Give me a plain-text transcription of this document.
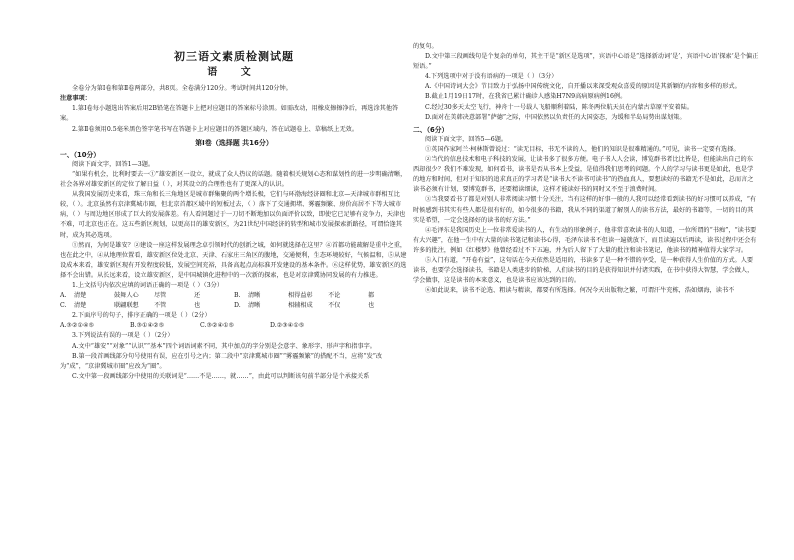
初三语文素质检测试题
语 文

全卷分为第Ⅰ卷和第Ⅱ卷两部分，共8页。全卷满分120分。考试时间共120分钟。

注意事项：

1.第Ⅰ卷每小题选出答案后用2B铅笔在答题卡上把对应题目的答案标号涂黑。如需改动，用橡皮擦擦净后，再选涂其他答案。

2.第Ⅱ卷须用0.5毫米黑色签字笔书写在答题卡上对应题目的答题区域内，答在试题卷上、草稿纸上无效。

第Ⅰ卷（选择题 共16分）

一、（10分）

阅读下面文字，回答1—3题。

“如果有机会，比利时要去一①”雄安新区一设立，就成了众人热议的话题。随着相关规划心态和谋划性的进一步明确清晰，社会各界对雄安新区的定位了解日益（ ），对其设立的合理性也有了更深入的认识。

从我国发展历史来看，珠三角和长三角地区是城市群集聚的两个增长极，它们与环渤海经济圈和北京—天津城市群相互比较，（ ）。北京虽然有京津冀城市圈，但北京首都区域中的短板过去，（ ）落下了交通拥堵、雾霾频繁、房价高居不下等大城市病，（ ）与周边地区形成了巨大的发展落差。有人看问题过于一刀切不断地加以负面评价以致，即使它已足够有竞争力，天津也不难，可北京也正在。这五些新区规划，以更高目的雄安新区，为21世纪中国经济的转型和城市发展探索新路径，可谓恰逢其时，成为其必选项。

①然而，为何是雄安？②建设一座这样发展理念卓引领时代的创新之城，如何就选择在这里？④首都功能疏解是重中之重，也在此之中，④从地理位置看，雄安新区位处北京、天津、石家庄三角区的腹地，交通便利，生态环境较好，气候温和，⑤从建设成本来看，雄安新区现有开发程度较低，发展空间充裕，具备高起点高标准开发建设的基本条件。⑥这样优势，雄安新区的选择不会出错。从长远来看，设立雄安新区，是中国城镇化进程中的一次新的探索，也是对京津冀协同发展的有力推进。

1.上文括号内依次应填的词语正确的一项是（ ）（3分）

A.	清楚	鼓舞人心	尽管	还	B.	清晰	相得益彰	不论	都
C.	清楚	联翩联想	不管	也	D.	清晰	相辅相成	不仅	也

2.下面序号的句子，排序正确的一项是（ ）（2分）

A.③②①④⑤	B.③①④②⑤	C.③②④①⑤	D.②③④①⑤

3.下列说法有误的一项是（ ）（2分）

A.文中“雄安”“对象”“认识”“基本”四个词语词素不同，其中加点的字分别是会意字、象形字、形声字和指事字。

B.第一段首画线部分句号使用有误，应在引号之内；第二段中“京津冀城市圈”“雾霾频繁”的搭配不当，应将“发”改为“成”，“京津冀城市圈”应改为“圈”。

C.文中第一段画线部分中使用的关联词是“……不是……，就……”，由此可以判断该句前半部分是个承接关系

的复句。

D.文中第三段画线句是个复杂的单句，其主干是“新区是选项”，宾语中心语是“选择新动词‘是’，宾语中心语‘探索’是个偏正短语。”

4.下列选项中对于没有语病的一项是（ ）（3分）

A.《中国诗词大会》节目致力于弘扬中国传统文化，自开播以来深受观众喜爱的原因是其新颖的内容和多样的形式。

B.截止1月19日17时，在我省已累计确诊人感染H7N9高病原病例16例。

C.经过30多天太空飞行，神舟十一号载人飞船顺利着陆，陈冬两位航天员在内蒙古草原平安着陆。

D.面对在美韩决意部署“萨德”之际，中国依然以负责任的大国姿态，为缓和半岛局势出谋划策。

二、（6分）

阅读下面文字，回答5—6题。

①英国作家阿兰·柯林斯曾说过：“读无目标，书无不读的人，他们的知识是很难精通的。”可见，读书一定要有选择。

②当代的信息技术和电子科技的发展，让读书多了很多方便。电子书人人会读，博览群书者比比皆是，但能读出自己的东西却很少？我们不难发现，如何看书，读书是否从书本上受益，是值得我们思考的问题。个人的学习与读书更是如此，也是学的地方和时间，但对于知识的追求真正的学习者是“读书大不读书可读书”的热血真人，要想读好的书籍无不是如此，总而言之读书必须有计划，要博览群书，还要精读细读，这样才能读好书的同时又不至于浪费时间。

③当我要看书了都是对别人非常阅读习惯十分关注，当有这样的好事一般的人我可以经常看到读书的好习惯可以养成，“有时候感到书其实有些人都是很有好的，如今很多的书籍，我从不同的渠道了解别人的读书方法，最好的书籍等，一切的目的其实是希望，一定会选择好的读书的好方法。”

④毛泽东是我国历史上一位非常爱读书的人，有生动的形象例子，他非常喜欢读书的人知道，一位所谓的“书痴”，“读书要有大兴趣”，在他一生中有大量的读书笔记和读书心得，毛泽东读书不但读一遍就放下，而且读遍以后再读，读书过程中还会有许多的批注，例如《红楼梦》他曾经看过不下五遍，并为后人留下了大量的批注和读书笔记，他读书的精神值得大家学习。

⑤入门有道，“开卷有益”，这句话在今天依然是适用的，书读多了是一种不错的享受，是一种获得人生价值的方式。人要读书，也要学会选择读书，书籍是人类进步的阶梯，人们读书的目的是获得知识并付诸实践，在书中获得大智慧，学会做人，学会做事，这是读书的本来意义，也是读书应该达到的目的。

⑥如此说来，读书不论选、粗读与精读，都要有所选择。何况今天出版物之繁，可谓汗牛充栋，浩如烟海，读书不
